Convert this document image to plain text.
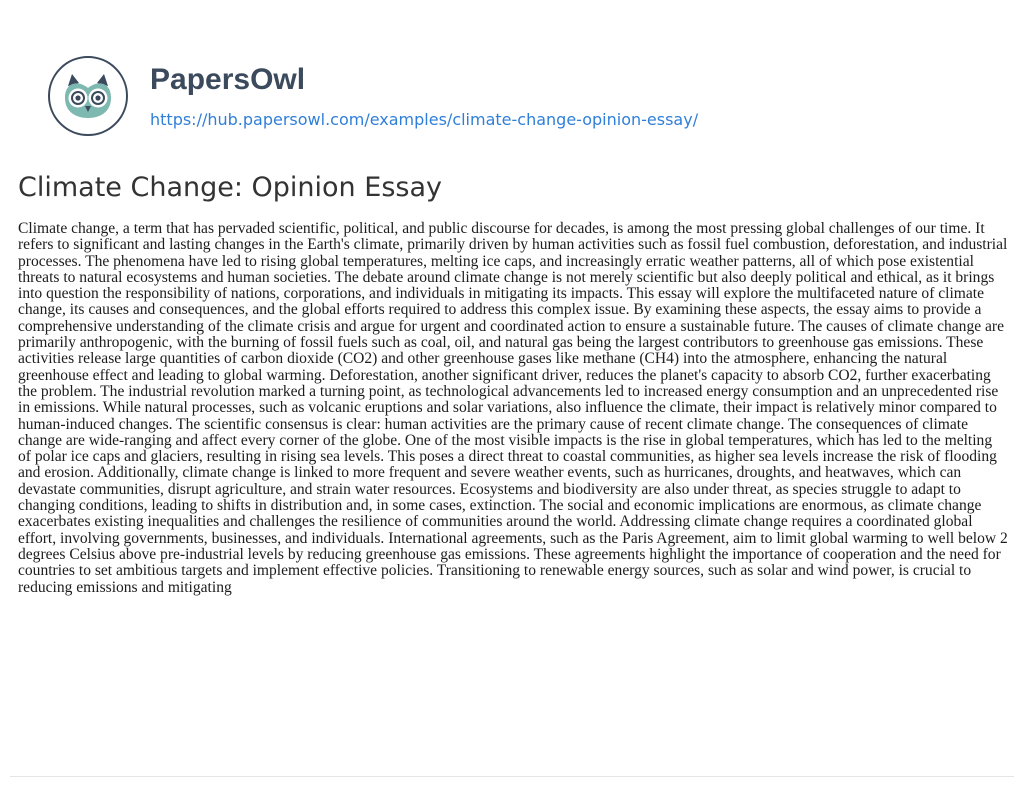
PapersOwl
https://hub.papersowl.com/examples/climate-change-opinion-essay/
Climate Change: Opinion Essay

Climate change, a term that has pervaded scientific, political, and public discourse for decades, is among the most pressing global challenges of our time. It refers to significant and lasting changes in the Earth's climate, primarily driven by human activities such as fossil fuel combustion, deforestation, and industrial processes. The phenomena have led to rising global temperatures, melting ice caps, and increasingly erratic weather patterns, all of which pose existential threats to natural ecosystems and human societies. The debate around climate change is not merely scientific but also deeply political and ethical, as it brings into question the responsibility of nations, corporations, and individuals in mitigating its impacts. This essay will explore the multifaceted nature of climate change, its causes and consequences, and the global efforts required to address this complex issue. By examining these aspects, the essay aims to provide a comprehensive understanding of the climate crisis and argue for urgent and coordinated action to ensure a sustainable future. The causes of climate change are primarily anthropogenic, with the burning of fossil fuels such as coal, oil, and natural gas being the largest contributors to greenhouse gas emissions. These activities release large quantities of carbon dioxide (CO2) and other greenhouse gases like methane (CH4) into the atmosphere, enhancing the natural greenhouse effect and leading to global warming. Deforestation, another significant driver, reduces the planet's capacity to absorb CO2, further exacerbating the problem. The industrial revolution marked a turning point, as technological advancements led to increased energy consumption and an unprecedented rise in emissions. While natural processes, such as volcanic eruptions and solar variations, also influence the climate, their impact is relatively minor compared to human-induced changes. The scientific consensus is clear: human activities are the primary cause of recent climate change. The consequences of climate change are wide-ranging and affect every corner of the globe. One of the most visible impacts is the rise in global temperatures, which has led to the melting of polar ice caps and glaciers, resulting in rising sea levels. This poses a direct threat to coastal communities, as higher sea levels increase the risk of flooding and erosion. Additionally, climate change is linked to more frequent and severe weather events, such as hurricanes, droughts, and heatwaves, which can devastate communities, disrupt agriculture, and strain water resources. Ecosystems and biodiversity are also under threat, as species struggle to adapt to changing conditions, leading to shifts in distribution and, in some cases, extinction. The social and economic implications are enormous, as climate change exacerbates existing inequalities and challenges the resilience of communities around the world. Addressing climate change requires a coordinated global effort, involving governments, businesses, and individuals. International agreements, such as the Paris Agreement, aim to limit global warming to well below 2 degrees Celsius above pre-industrial levels by reducing greenhouse gas emissions. These agreements highlight the importance of cooperation and the need for countries to set ambitious targets and implement effective policies. Transitioning to renewable energy sources, such as solar and wind power, is crucial to reducing emissions and mitigating
